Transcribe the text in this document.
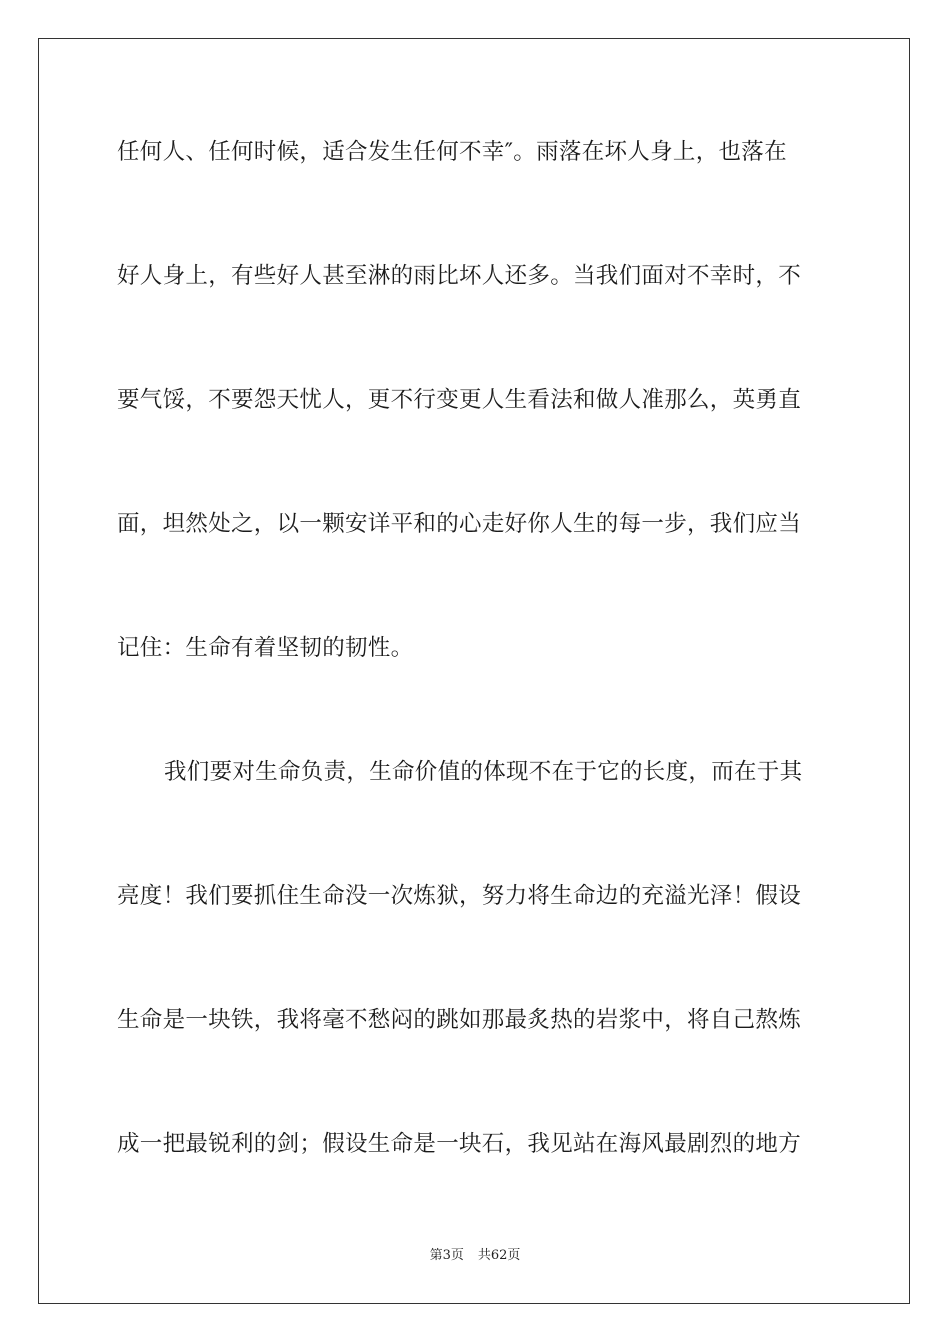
任何人、任何时候，适合发生任何不幸″。雨落在坏人身上，也落在
好人身上，有些好人甚至淋的雨比坏人还多。当我们面对不幸时，不
要气馁，不要怨天忧人，更不行变更人生看法和做人准那么，英勇直
面，坦然处之，以一颗安详平和的心走好你人生的每一步，我们应当
记住：生命有着坚韧的韧性。
我们要对生命负责，生命价值的体现不在于它的长度，而在于其
亮度！我们要抓住生命没一次炼狱，努力将生命边的充溢光泽！假设
生命是一块铁，我将毫不愁闷的跳如那最炙热的岩浆中，将自己熬炼
成一把最锐利的剑；假设生命是一块石，我见站在海风最剧烈的地方
第3页 共62页
